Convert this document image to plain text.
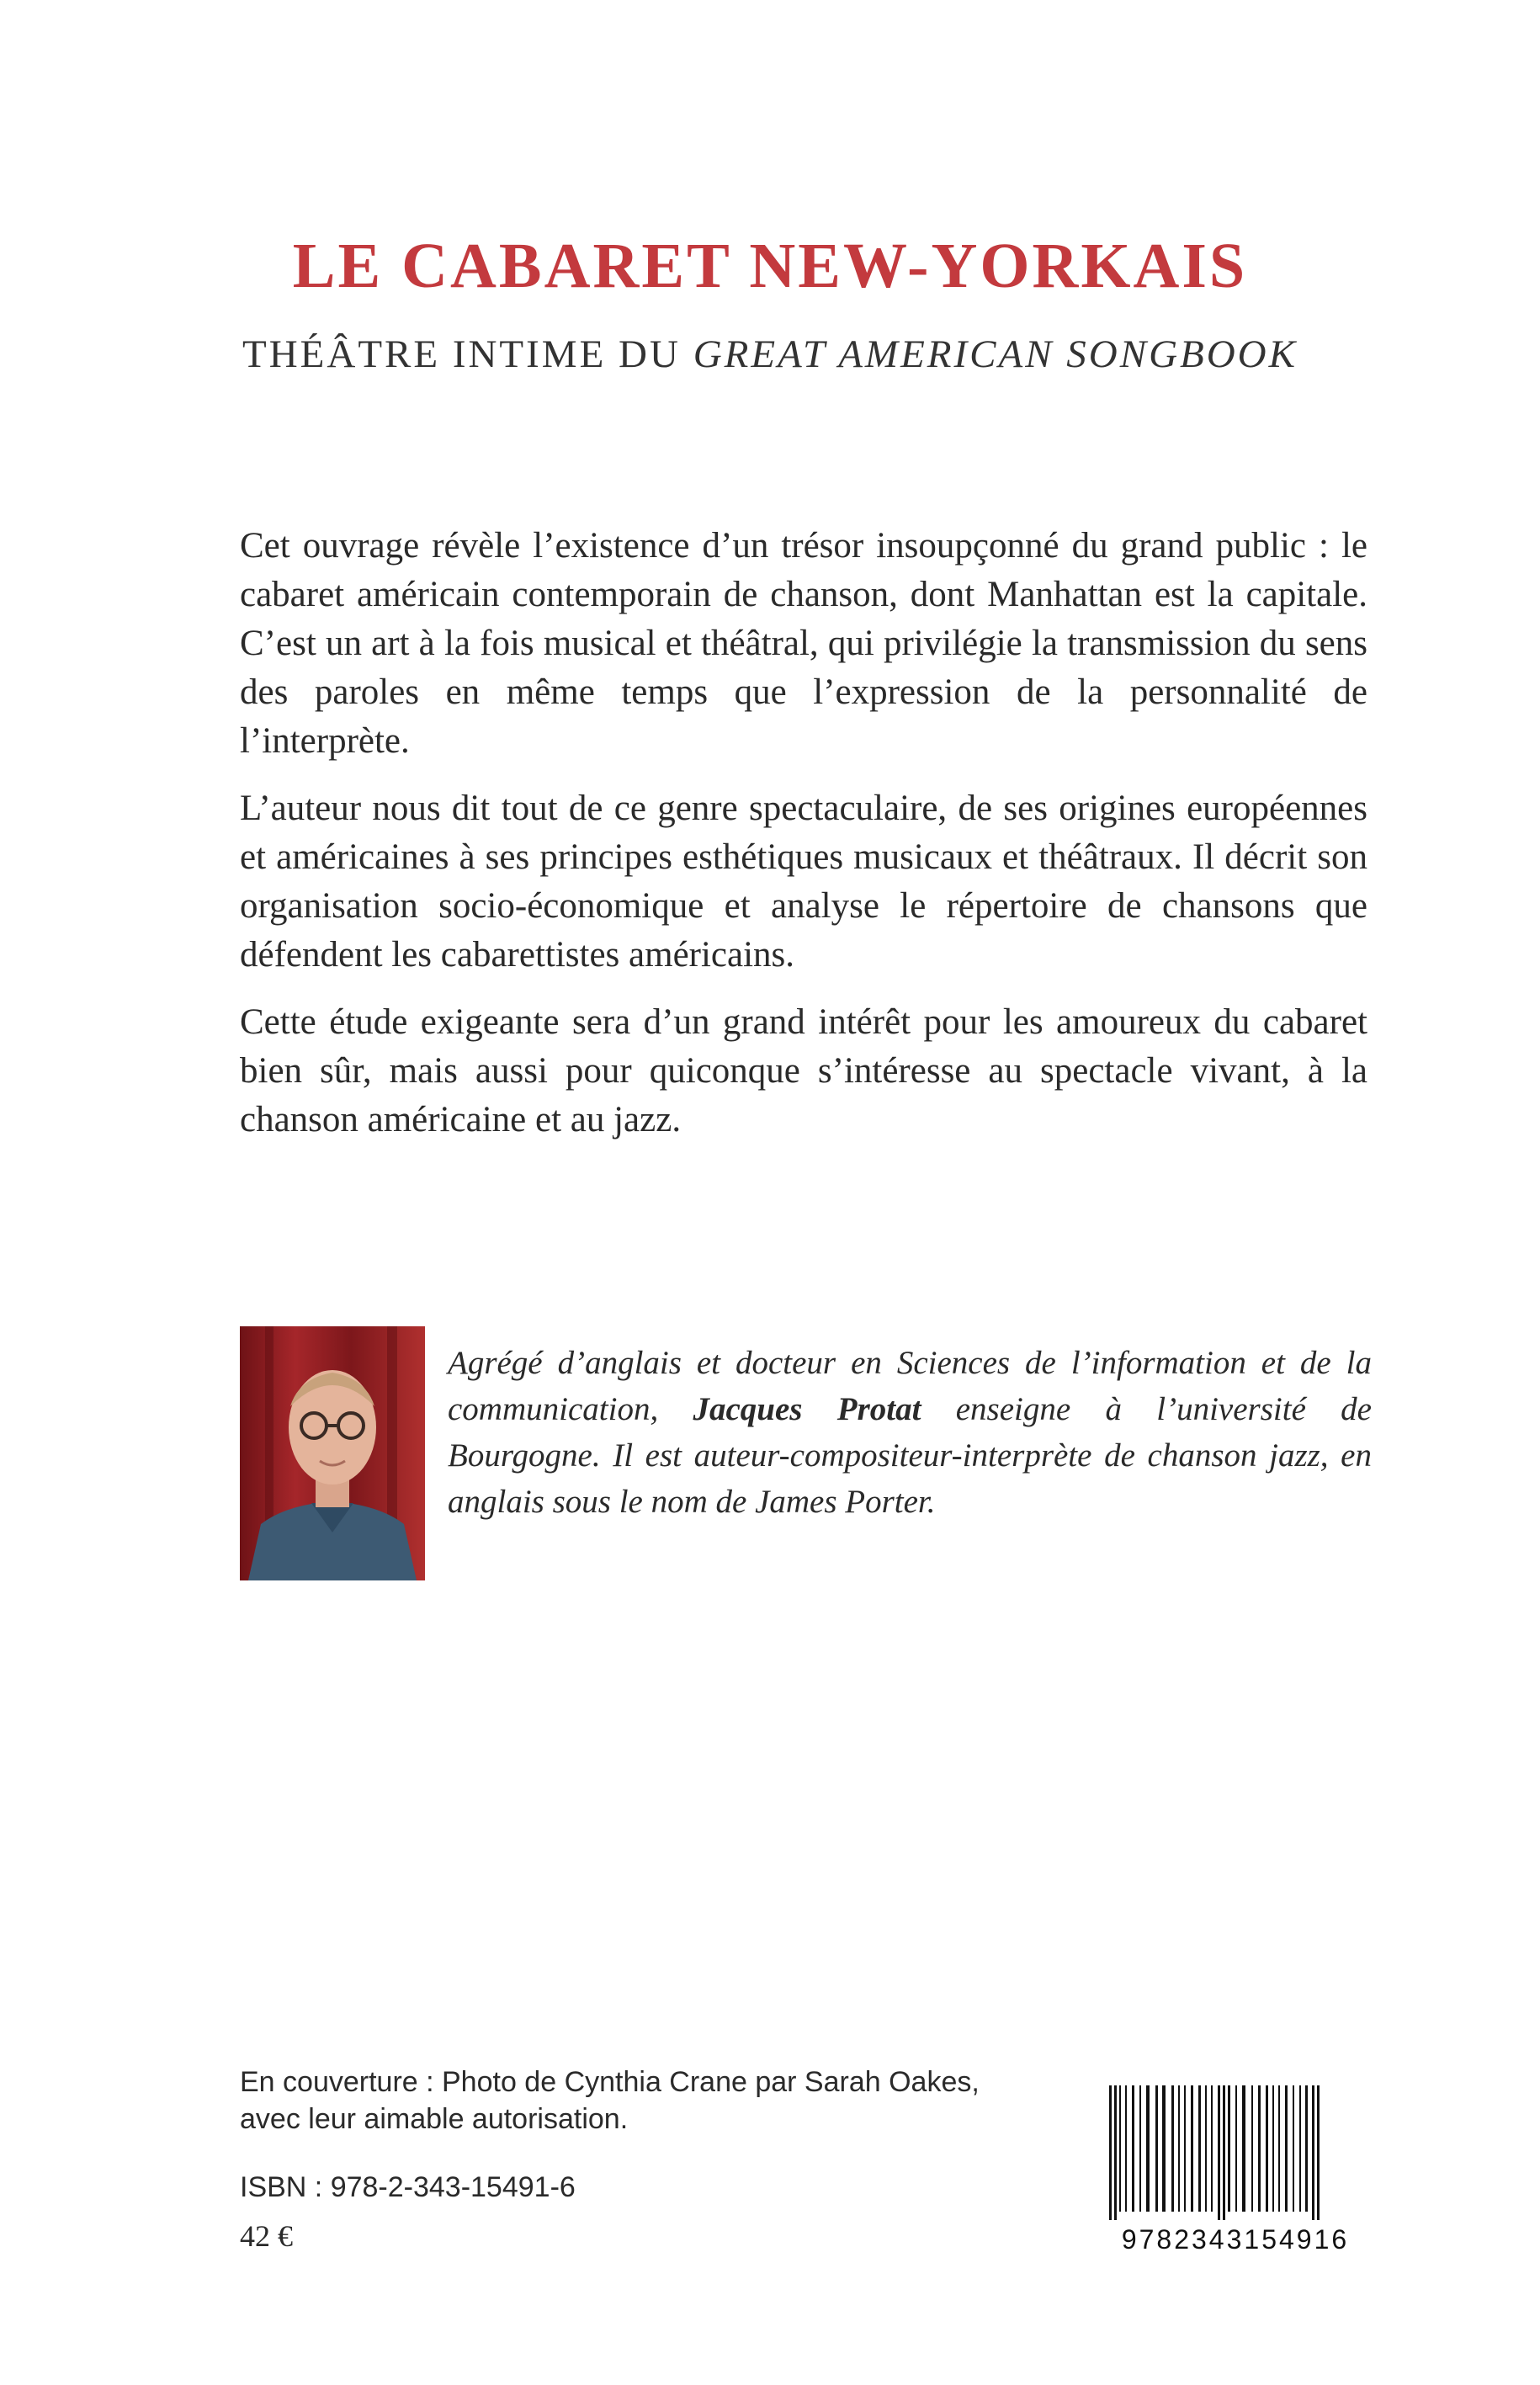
LE CABARET NEW-YORKAIS
THÉÂTRE INTIME DU GREAT AMERICAN SONGBOOK

Cet ouvrage révèle l’existence d’un trésor insoupçonné du grand public : le cabaret américain contemporain de chanson, dont Manhattan est la capitale. C’est un art à la fois musical et théâtral, qui privilégie la transmission du sens des paroles en même temps que l’expression de la personnalité de l’interprète.

L’auteur nous dit tout de ce genre spectaculaire, de ses origines européennes et américaines à ses principes esthétiques musicaux et théâtraux. Il décrit son organisation socio-économique et analyse le répertoire de chansons que défendent les cabarettistes américains.

Cette étude exigeante sera d’un grand intérêt pour les amoureux du cabaret bien sûr, mais aussi pour quiconque s’intéresse au spectacle vivant, à la chanson américaine et au jazz.

Agrégé d’anglais et docteur en Sciences de l’information et de la communication, Jacques Protat enseigne à l’université de Bourgogne. Il est auteur-compositeur-interprète de chanson jazz, en anglais sous le nom de James Porter.
En couverture : Photo de Cynthia Crane par Sarah Oakes,
avec leur aimable autorisation.
ISBN : 978-2-343-15491-6
42 €	9782343154916
